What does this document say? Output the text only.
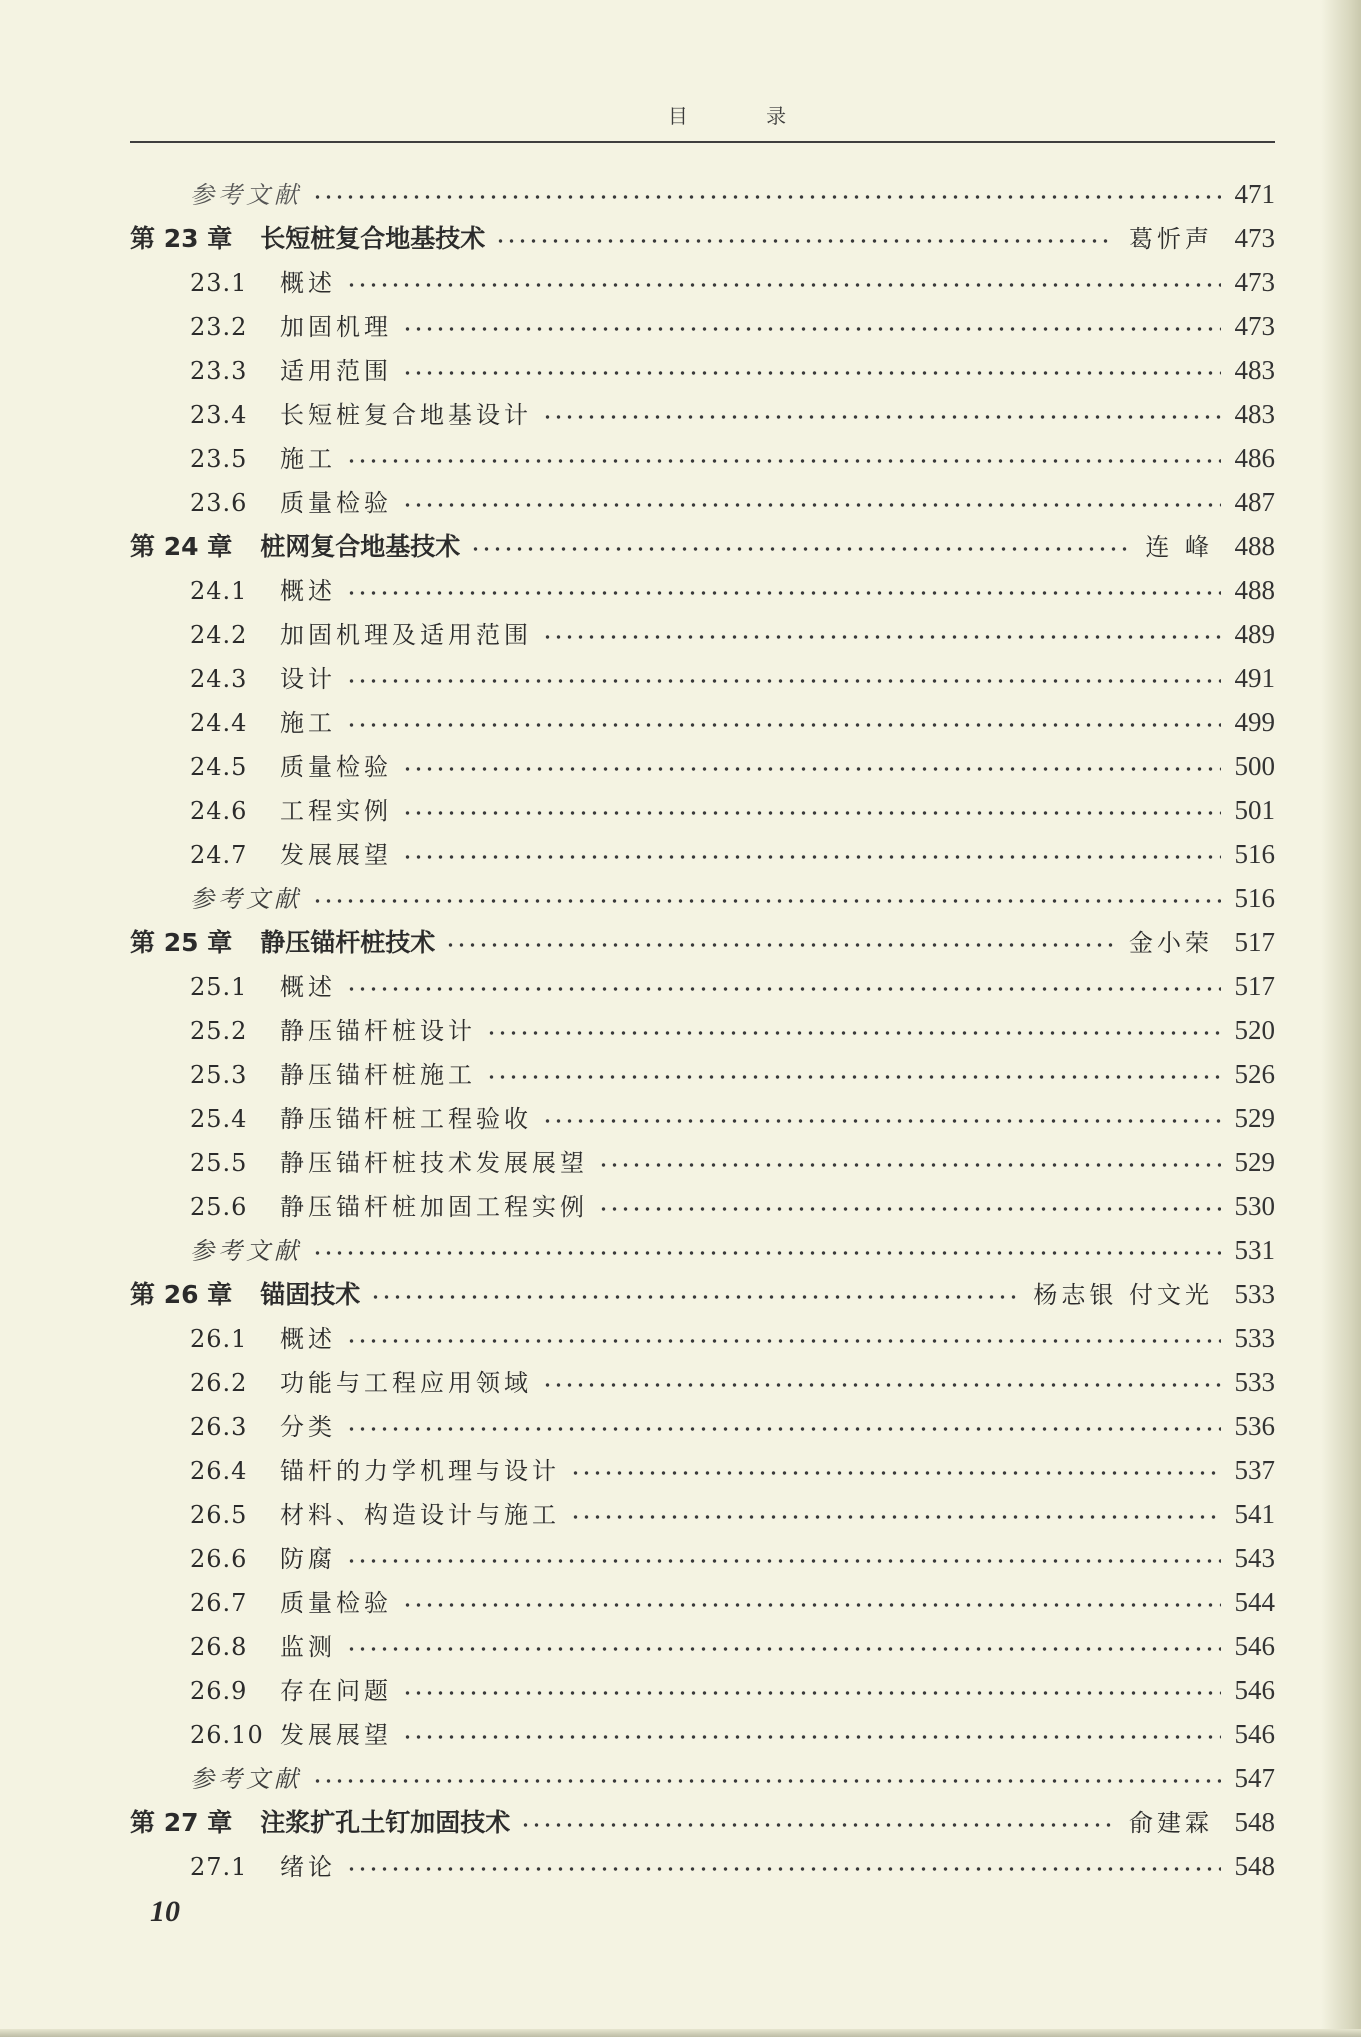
目 录
参考文献	471
第 23 章 长短桩复合地基技术	葛忻声 473
23.1	概述	473
23.2	加固机理	473
23.3	适用范围	483
23.4	长短桩复合地基设计	483
23.5	施工	486
23.6	质量检验	487
第 24 章 桩网复合地基技术	连 峰 488
24.1	概述	488
24.2	加固机理及适用范围	489
24.3	设计	491
24.4	施工	499
24.5	质量检验	500
24.6	工程实例	501
24.7	发展展望	516
参考文献	516
第 25 章 静压锚杆桩技术	金小荣 517
25.1	概述	517
25.2	静压锚杆桩设计	520
25.3	静压锚杆桩施工	526
25.4	静压锚杆桩工程验收	529
25.5	静压锚杆桩技术发展展望	529
25.6	静压锚杆桩加固工程实例	530
参考文献	531
第 26 章 锚固技术	杨志银 付文光 533
26.1	概述	533
26.2	功能与工程应用领域	533
26.3	分类	536
26.4	锚杆的力学机理与设计	537
26.5	材料、构造设计与施工	541
26.6	防腐	543
26.7	质量检验	544
26.8	监测	546
26.9	存在问题	546
26.10 发展展望	546
参考文献	547
第 27 章 注浆扩孔土钉加固技术	俞建霖 548
27.1	绪论	548
10
